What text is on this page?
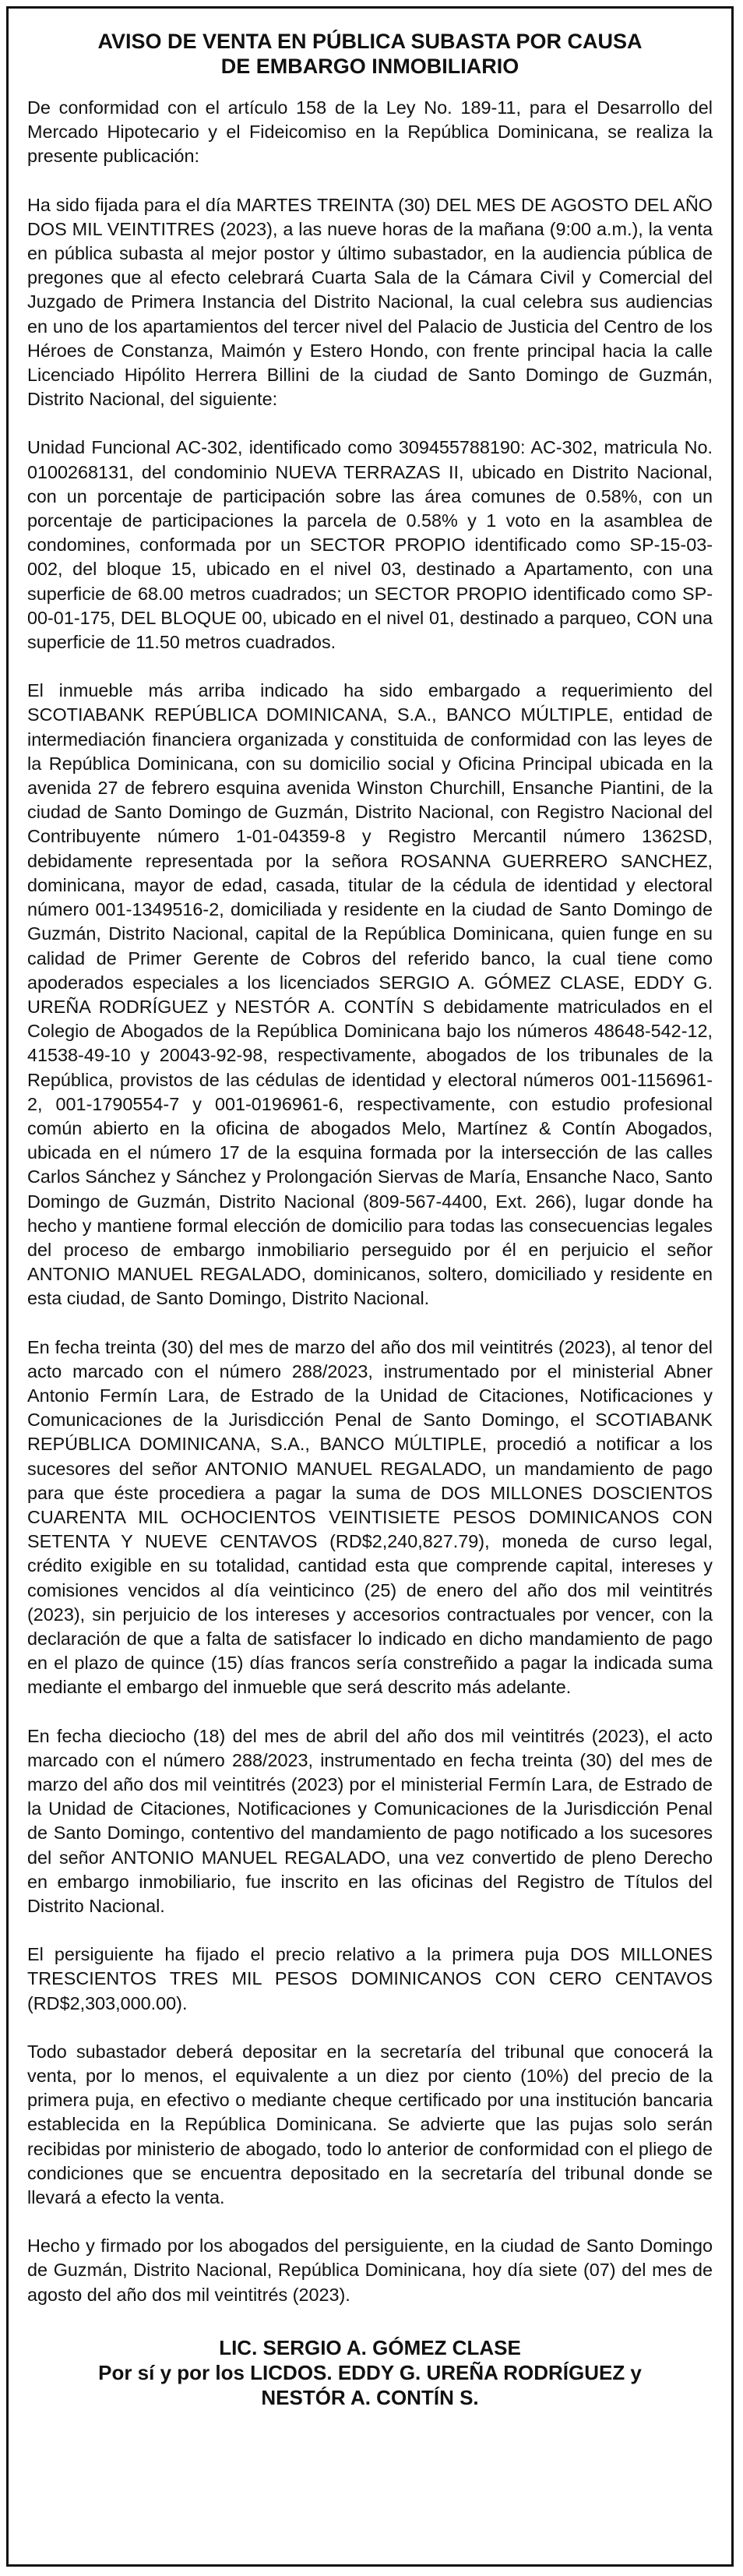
AVISO DE VENTA EN PÚBLICA SUBASTA POR CAUSA
DE EMBARGO INMOBILIARIO

De conformidad con el artículo 158 de la Ley No. 189-11, para el Desarrollo del Mercado Hipotecario y el Fideicomiso en la República Dominicana, se realiza la presente publicación:

Ha sido fijada para el día MARTES TREINTA (30) DEL MES DE AGOSTO DEL AÑO DOS MIL VEINTITRES (2023), a las nueve horas de la mañana (9:00 a.m.), la venta en pública subasta al mejor postor y último subastador, en la audiencia pública de pregones que al efecto celebrará Cuarta Sala de la Cámara Civil y Comercial del Juzgado de Primera Instancia del Distrito Nacional, la cual celebra sus audiencias en uno de los apartamientos del tercer nivel del Palacio de Justicia del Centro de los Héroes de Constanza, Maimón y Estero Hondo, con frente principal hacia la calle Licenciado Hipólito Herrera Billini de la ciudad de Santo Domingo de Guzmán, Distrito Nacional, del siguiente:

Unidad Funcional AC-302, identificado como 309455788190: AC-302, matricula No. 0100268131, del condominio NUEVA TERRAZAS II, ubicado en Distrito Nacional, con un porcentaje de participación sobre las área comunes de 0.58%, con un porcentaje de participaciones la parcela de 0.58% y 1 voto en la asamblea de condomines, conformada por un SECTOR PROPIO identificado como SP-15-03-002, del bloque 15, ubicado en el nivel 03, destinado a Apartamento, con una superficie de 68.00 metros cuadrados; un SECTOR PROPIO identificado como SP-00-01-175, DEL BLOQUE 00, ubicado en el nivel 01, destinado a parqueo, CON una superficie de 11.50 metros cuadrados.

El inmueble más arriba indicado ha sido embargado a requerimiento del SCOTIABANK REPÚBLICA DOMINICANA, S.A., BANCO MÚLTIPLE, entidad de intermediación financiera organizada y constituida de conformidad con las leyes de la República Dominicana, con su domicilio social y Oficina Principal ubicada en la avenida 27 de febrero esquina avenida Winston Churchill, Ensanche Piantini, de la ciudad de Santo Domingo de Guzmán, Distrito Nacional, con Registro Nacional del Contribuyente número 1-01-04359-8 y Registro Mercantil número 1362SD, debidamente representada por la señora ROSANNA GUERRERO SANCHEZ, dominicana, mayor de edad, casada, titular de la cédula de identidad y electoral número 001-1349516-2, domiciliada y residente en la ciudad de Santo Domingo de Guzmán, Distrito Nacional, capital de la República Dominicana, quien funge en su calidad de Primer Gerente de Cobros del referido banco, la cual tiene como apoderados especiales a los licenciados SERGIO A. GÓMEZ CLASE, EDDY G. UREÑA RODRÍGUEZ y NESTÓR A. CONTÍN S debidamente matriculados en el Colegio de Abogados de la República Dominicana bajo los números 48648-542-12, 41538-49-10 y 20043-92-98, respectivamente, abogados de los tribunales de la República, provistos de las cédulas de identidad y electoral números 001-1156961-2, 001-1790554-7 y 001-0196961-6, respectivamente, con estudio profesional común abierto en la oficina de abogados Melo, Martínez & Contín Abogados, ubicada en el número 17 de la esquina formada por la intersección de las calles Carlos Sánchez y Sánchez y Prolongación Siervas de María, Ensanche Naco, Santo Domingo de Guzmán, Distrito Nacional (809-567-4400, Ext. 266), lugar donde ha hecho y mantiene formal elección de domicilio para todas las consecuencias legales del proceso de embargo inmobiliario perseguido por él en perjuicio el señor ANTONIO MANUEL REGALADO, dominicanos, soltero, domiciliado y residente en esta ciudad, de Santo Domingo, Distrito Nacional.

En fecha treinta (30) del mes de marzo del año dos mil veintitrés (2023), al tenor del acto marcado con el número 288/2023, instrumentado por el ministerial Abner Antonio Fermín Lara, de Estrado de la Unidad de Citaciones, Notificaciones y Comunicaciones de la Jurisdicción Penal de Santo Domingo, el SCOTIABANK REPÚBLICA DOMINICANA, S.A., BANCO MÚLTIPLE, procedió a notificar a los sucesores del señor ANTONIO MANUEL REGALADO, un mandamiento de pago para que éste procediera a pagar la suma de DOS MILLONES DOSCIENTOS CUARENTA MIL OCHOCIENTOS VEINTISIETE PESOS DOMINICANOS CON SETENTA Y NUEVE CENTAVOS (RD$2,240,827.79), moneda de curso legal, crédito exigible en su totalidad, cantidad esta que comprende capital, intereses y comisiones vencidos al día veinticinco (25) de enero del año dos mil veintitrés (2023), sin perjuicio de los intereses y accesorios contractuales por vencer, con la declaración de que a falta de satisfacer lo indicado en dicho mandamiento de pago en el plazo de quince (15) días francos sería constreñido a pagar la indicada suma mediante el embargo del inmueble que será descrito más adelante.

En fecha dieciocho (18) del mes de abril del año dos mil veintitrés (2023), el acto marcado con el número 288/2023, instrumentado en fecha treinta (30) del mes de marzo del año dos mil veintitrés (2023) por el ministerial Fermín Lara, de Estrado de la Unidad de Citaciones, Notificaciones y Comunicaciones de la Jurisdicción Penal de Santo Domingo, contentivo del mandamiento de pago notificado a los sucesores del señor ANTONIO MANUEL REGALADO, una vez convertido de pleno Derecho en embargo inmobiliario, fue inscrito en las oficinas del Registro de Títulos del Distrito Nacional.

El persiguiente ha fijado el precio relativo a la primera puja DOS MILLONES TRESCIENTOS TRES MIL PESOS DOMINICANOS CON CERO CENTAVOS (RD$2,303,000.00).

Todo subastador deberá depositar en la secretaría del tribunal que conocerá la venta, por lo menos, el equivalente a un diez por ciento (10%) del precio de la primera puja, en efectivo o mediante cheque certificado por una institución bancaria establecida en la República Dominicana. Se advierte que las pujas solo serán recibidas por ministerio de abogado, todo lo anterior de conformidad con el pliego de condiciones que se encuentra depositado en la secretaría del tribunal donde se llevará a efecto la venta.

Hecho y firmado por los abogados del persiguiente, en la ciudad de Santo Domingo de Guzmán, Distrito Nacional, República Dominicana, hoy día siete (07) del mes de agosto del año dos mil veintitrés (2023).

LIC. SERGIO A. GÓMEZ CLASE
Por sí y por los LICDOS. EDDY G. UREÑA RODRÍGUEZ y
NESTÓR A. CONTÍN S.
